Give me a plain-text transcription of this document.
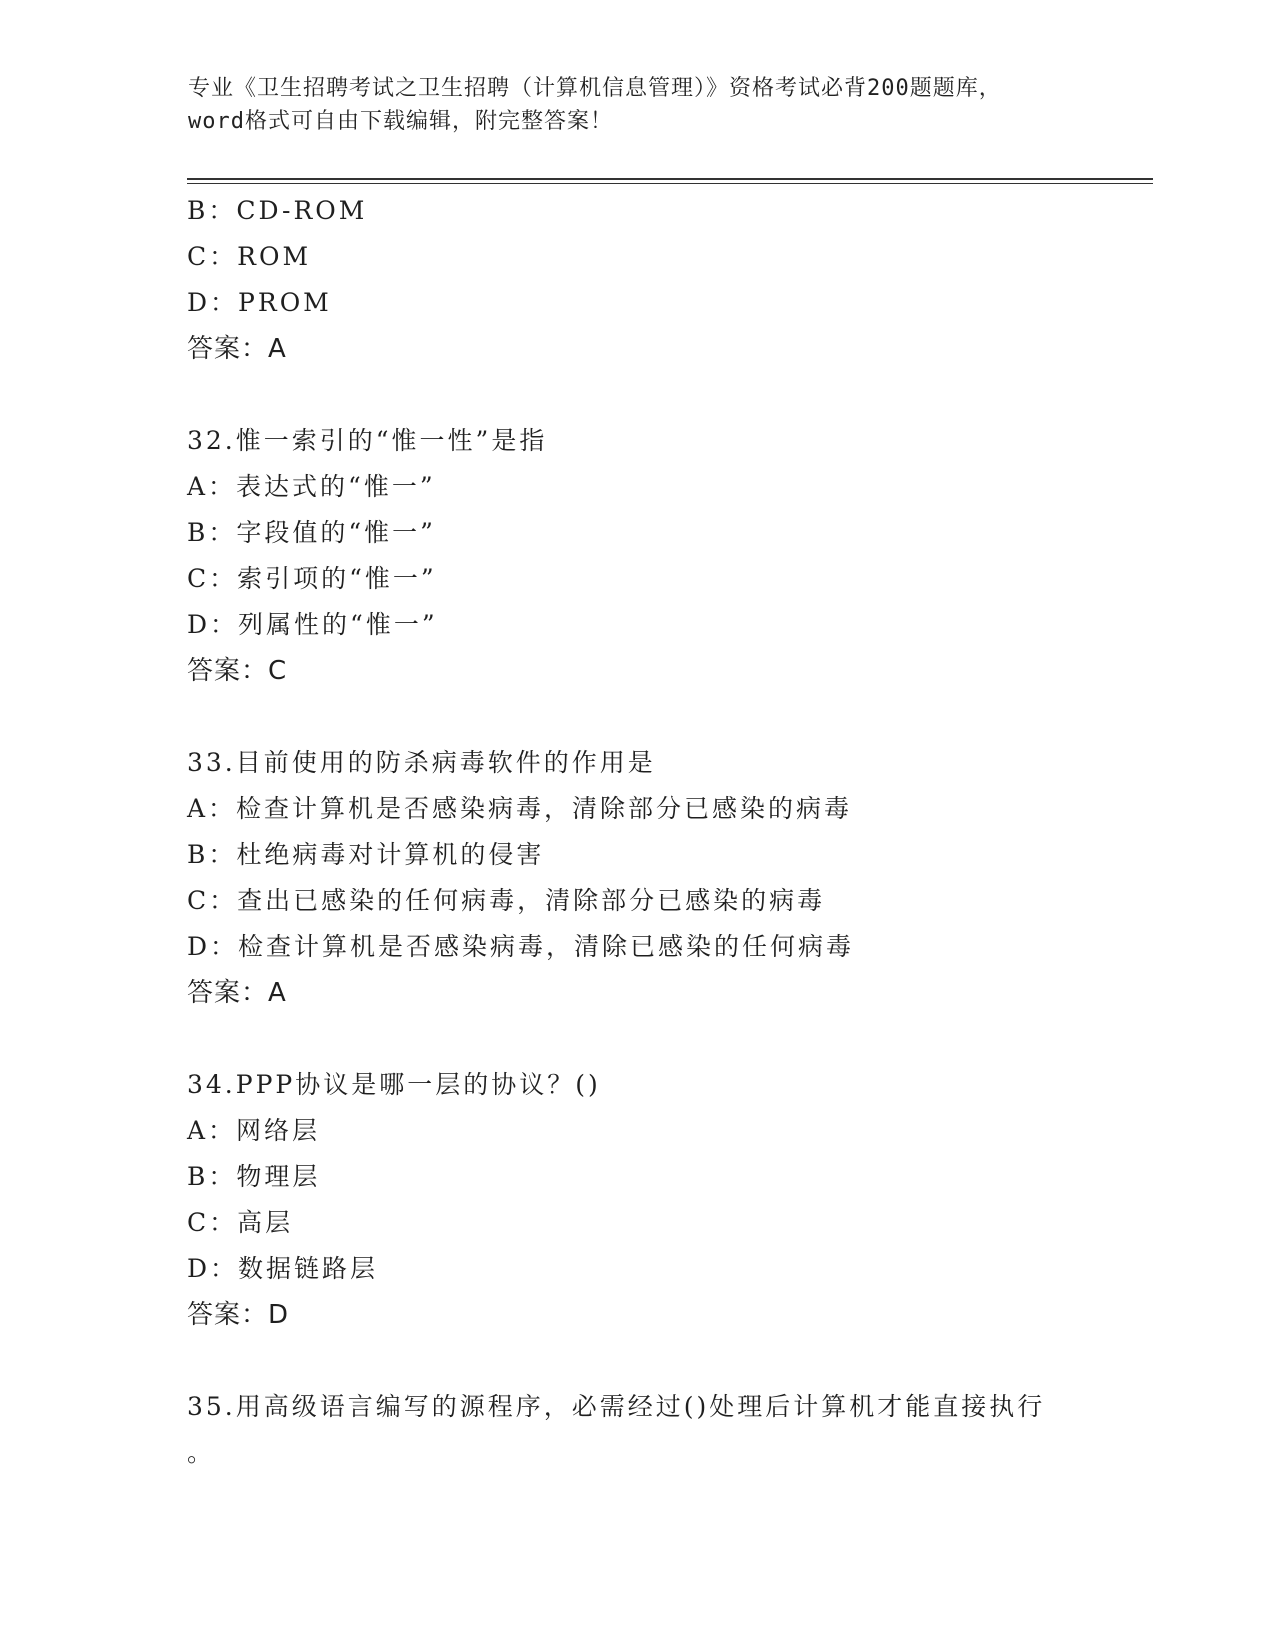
专业《卫生招聘考试之卫生招聘（计算机信息管理）》资格考试必背200题题库，
word格式可自由下载编辑，附完整答案！
B：CD-ROM
C：ROM
D：PROM
答案：A
32.惟一索引的“惟一性”是指
A：表达式的“惟一”
B：字段值的“惟一”
C：索引项的“惟一”
D：列属性的“惟一”
答案：C
33.目前使用的防杀病毒软件的作用是
A：检查计算机是否感染病毒，清除部分已感染的病毒
B：杜绝病毒对计算机的侵害
C：查出已感染的任何病毒，清除部分已感染的病毒
D：检查计算机是否感染病毒，清除已感染的任何病毒
答案：A
34.PPP协议是哪一层的协议？()
A：网络层
B：物理层
C：高层
D：数据链路层
答案：D
35.用高级语言编写的源程序，必需经过()处理后计算机才能直接执行
。
